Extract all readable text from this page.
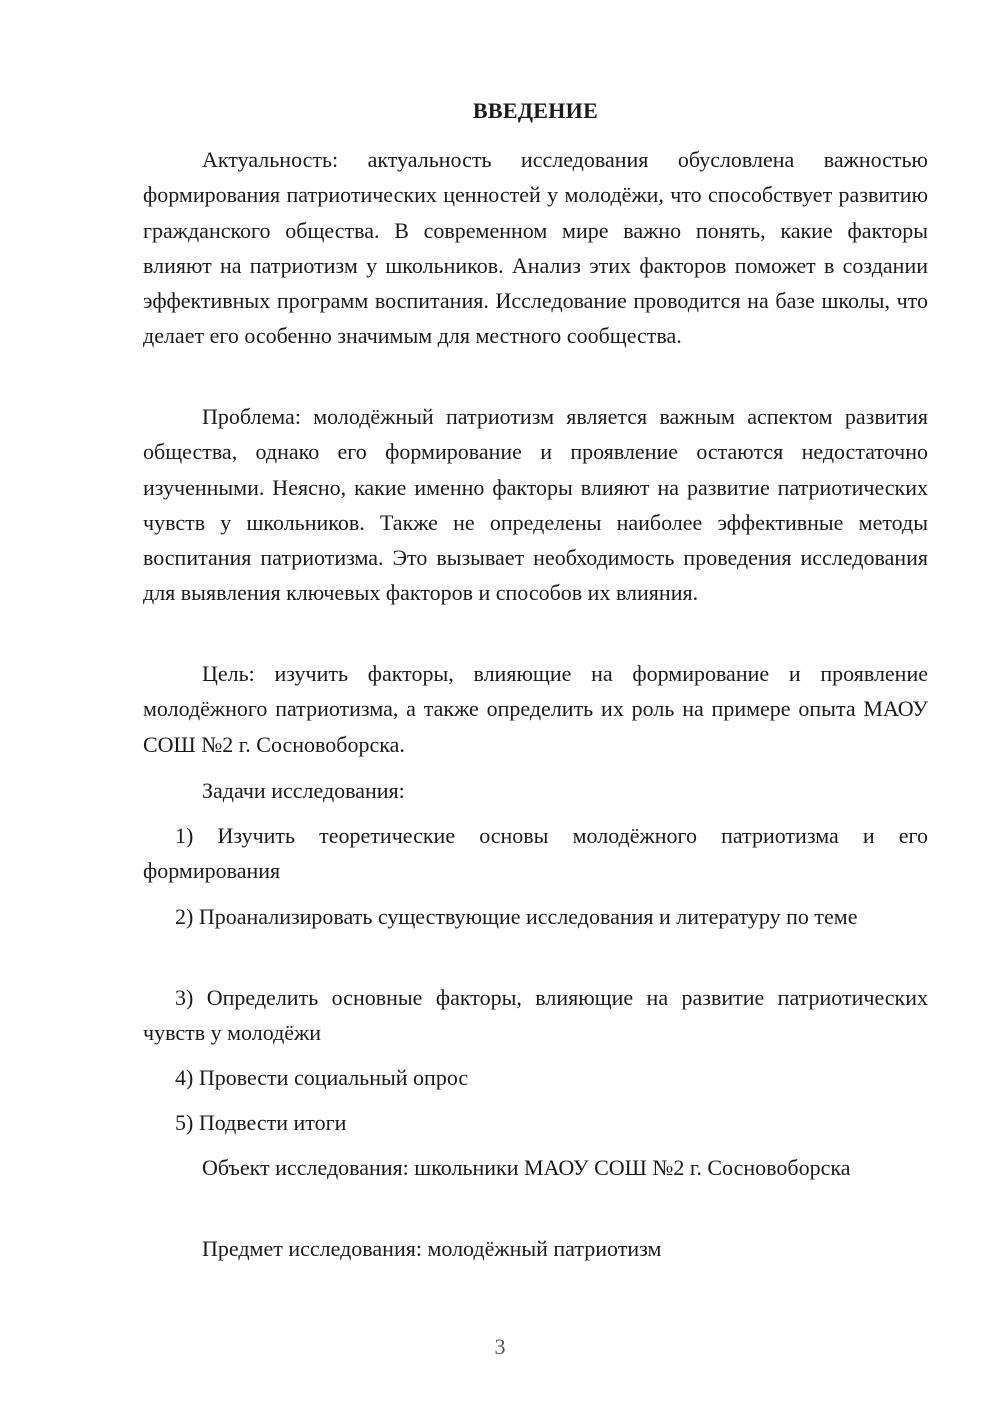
ВВЕДЕНИЕ

Актуальность: актуальность исследования обусловлена важностью формирования патриотических ценностей у молодёжи, что способствует развитию гражданского общества. В современном мире важно понять, какие факторы влияют на патриотизм у школьников. Анализ этих факторов поможет в создании эффективных программ воспитания. Исследование проводится на базе школы, что делает его особенно значимым для местного сообщества.

Проблема: молодёжный патриотизм является важным аспектом развития общества, однако его формирование и проявление остаются недостаточно изученными. Неясно, какие именно факторы влияют на развитие патриотических чувств у школьников. Также не определены наиболее эффективные методы воспитания патриотизма. Это вызывает необходимость проведения исследования для выявления ключевых факторов и способов их влияния.

Цель: изучить факторы, влияющие на формирование и проявление молодёжного патриотизма, а также определить их роль на примере опыта МАОУ СОШ №2 г. Сосновоборска.

Задачи исследования:

1) Изучить теоретические основы молодёжного патриотизма и его формирования

2) Проанализировать существующие исследования и литературу по теме

3) Определить основные факторы, влияющие на развитие патриотических чувств у молодёжи

4) Провести социальный опрос

5) Подвести итоги

Объект исследования: школьники МАОУ СОШ №2 г. Сосновоборска

Предмет исследования: молодёжный патриотизм

3
